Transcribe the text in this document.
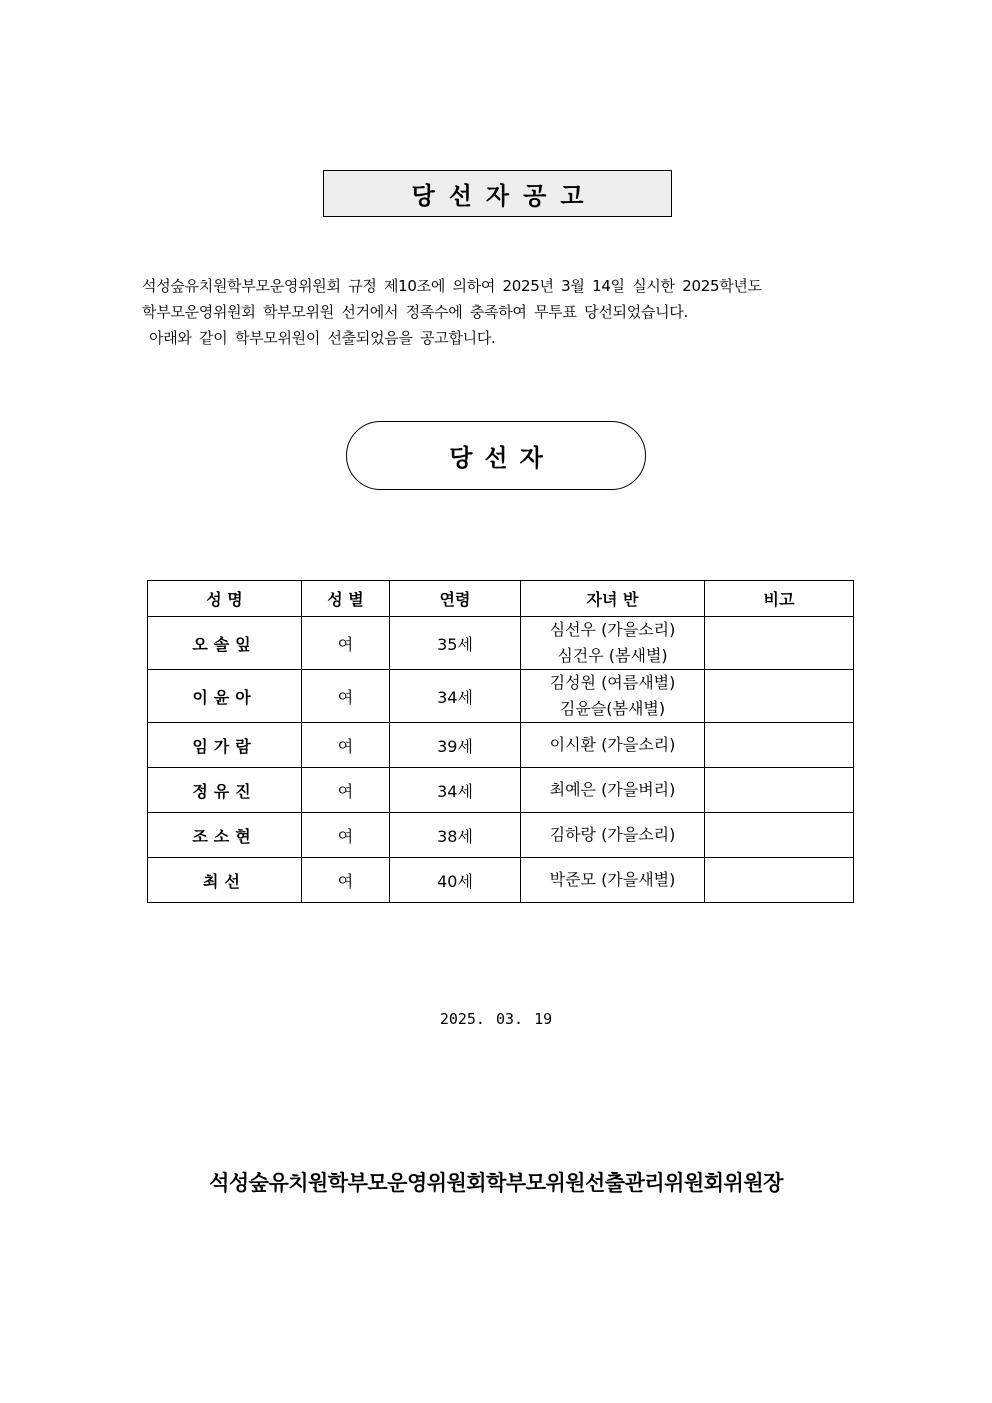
당선자공고

석성숲유치원학부모운영위원회 규정 제10조에 의하여 2025년 3월 14일 실시한 2025학년도

학부모운영위원회 학부모위원 선거에서 정족수에 충족하여 무투표 당선되었습니다.

아래와 같이 학부모위원이 선출되었음을 공고합니다.

당선자
성 명	성 별	연령	자녀 반	비고
오솔잎	여	35세	심선우 (가을소리)
심건우 (봄새별)	

이윤아	여	34세	김성원 (여름새별)
김윤슬(봄새별)	

임가람	여	39세	이시환 (가을소리)	

정유진	여	34세	최예은 (가을벼리)	

조소현	여	38세	김하랑 (가을소리)	

최선	여	40세	박준모 (가을새별)	

2025. 03. 19
석성숲유치원학부모운영위원회학부모위원선출관리위원회위원장
